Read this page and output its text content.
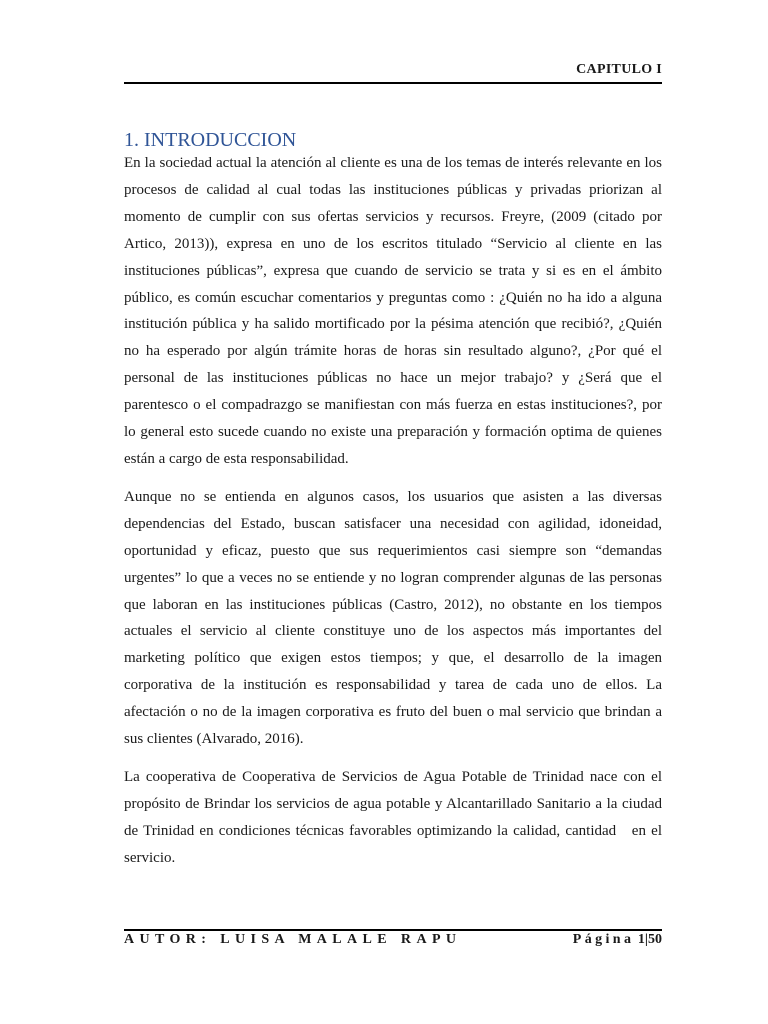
CAPITULO I
1. INTRODUCCION

En la sociedad actual la atención al cliente es una de los temas de interés relevante en los procesos de calidad al cual todas las instituciones públicas y privadas priorizan al momento de cumplir con sus ofertas servicios y recursos. Freyre, (2009 (citado por Artico, 2013)), expresa en uno de los escritos titulado “Servicio al cliente en las instituciones públicas”, expresa que cuando de servicio se trata y si es en el ámbito público, es común escuchar comentarios y preguntas como : ¿Quién no ha ido a alguna institución pública y ha salido mortificado por la pésima atención que recibió?, ¿Quién no ha esperado por algún trámite horas de horas sin resultado alguno?, ¿Por qué el personal de las instituciones públicas no hace un mejor trabajo? y ¿Será que el parentesco o el compadrazgo se manifiestan con más fuerza en estas instituciones?, por lo general esto sucede cuando no existe una preparación y formación optima de quienes están a cargo de esta responsabilidad.

Aunque no se entienda en algunos casos, los usuarios que asisten a las diversas dependencias del Estado, buscan satisfacer una necesidad con agilidad, idoneidad, oportunidad y eficaz, puesto que sus requerimientos casi siempre son “demandas urgentes” lo que a veces no se entiende y no logran comprender algunas de las personas que laboran en las instituciones públicas (Castro, 2012), no obstante en los tiempos actuales el servicio al cliente constituye uno de los aspectos más importantes del marketing político que exigen estos tiempos; y que, el desarrollo de la imagen corporativa de la institución es responsabilidad y tarea de cada uno de ellos. La afectación o no de la imagen corporativa es fruto del buen o mal servicio que brindan a sus clientes (Alvarado, 2016).

La cooperativa de Cooperativa de Servicios de Agua Potable de Trinidad nace con el propósito de Brindar los servicios de agua potable y Alcantarillado Sanitario a la ciudad de Trinidad en condiciones técnicas favorables optimizando la calidad, cantidad   en el servicio.

AUTOR: LUISA MALALE RAPU	Página 1|50
